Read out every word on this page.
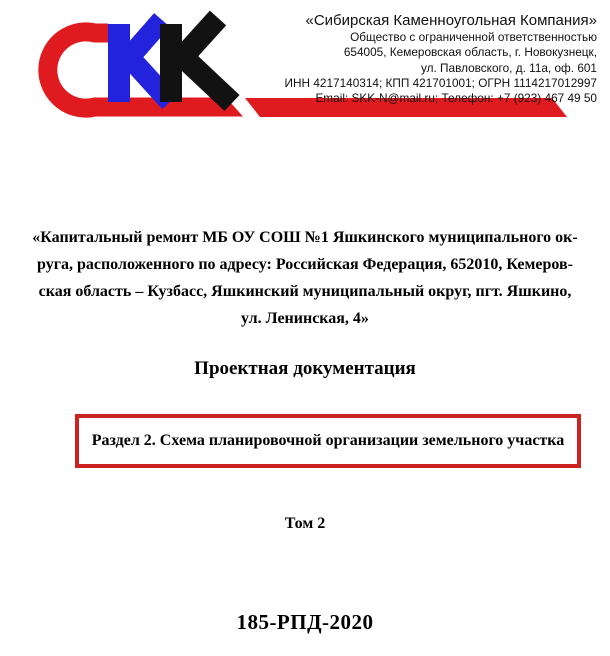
«Сибирская Каменноугольная Компания»
Общество с ограниченной ответственностью
654005, Кемеровская область, г. Новокузнецк,
ул. Павловского, д. 11а, оф. 601
ИНН 4217140314; КПП 421701001; ОГРН 1114217012997
Email: SKK-N@mail.ru; Телефон: +7 (923) 467 49 50
«Капитальный ремонт МБ ОУ СОШ №1 Яшкинского муниципального ок-
руга, расположенного по адресу: Российская Федерация, 652010, Кемеров-
ская область – Кузбасс, Яшкинский муниципальный округ, пгт. Яшкино,
ул. Ленинская, 4»
Проектная документация
Раздел 2. Схема планировочной организации земельного участка
Том 2
185-РПД-2020
